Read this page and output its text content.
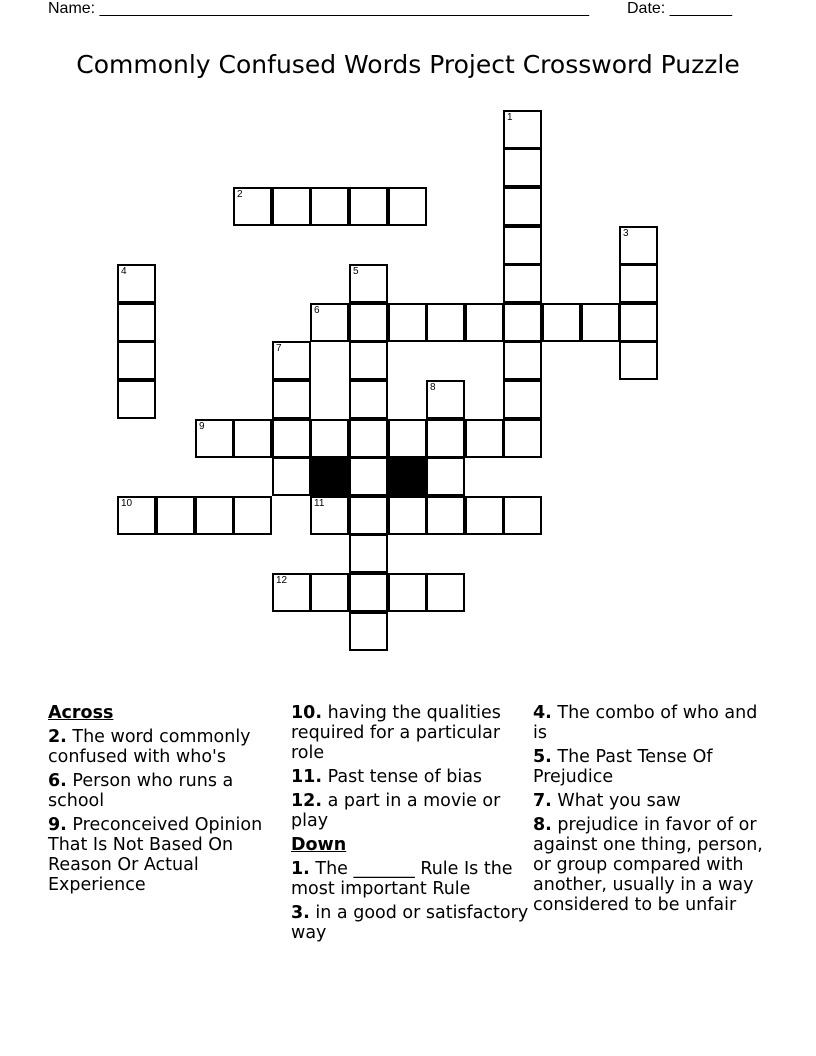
Name: _______________________________________________________ Date: _______
Commonly Confused Words Project Crossword Puzzle
1
2
3
4	5
6
7
8
9
10	11
12
Across
2. The word commonly confused with who's
6. Person who runs a school
9. Preconceived Opinion That Is Not Based On Reason Or Actual Experience
10. having the qualities required for a particular role
11. Past tense of bias
12. a part in a movie or play
Down
1. The _______ Rule Is the most important Rule
3. in a good or satisfactory way
4. The combo of who and is
5. The Past Tense Of Prejudice
7. What you saw
8. prejudice in favor of or against one thing, person, or group compared with another, usually in a way considered to be unfair
